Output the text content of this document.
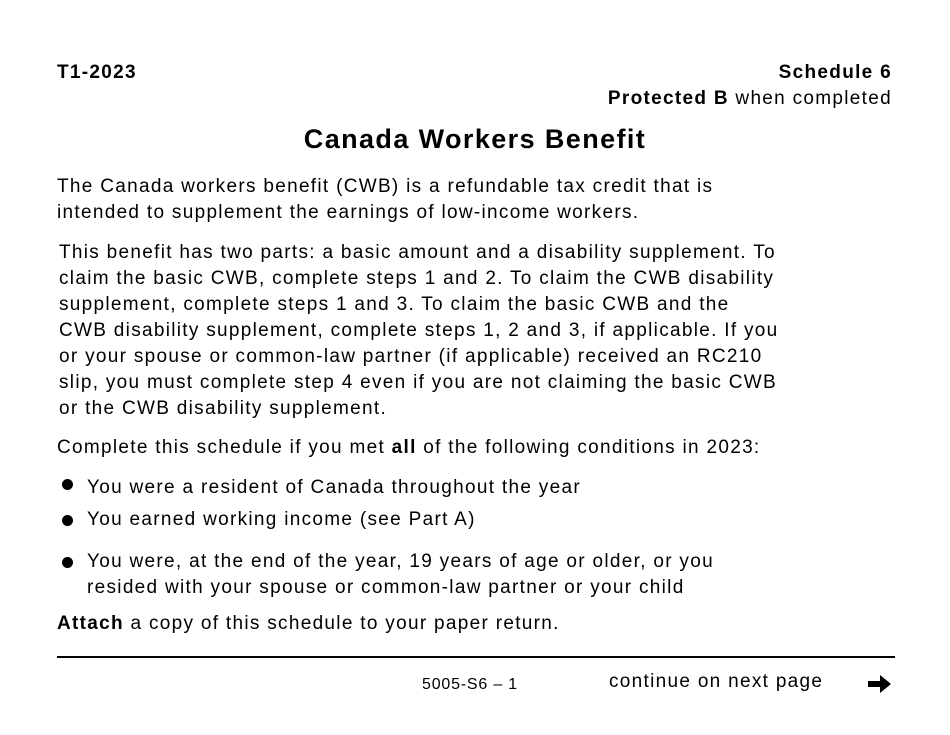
T1-2023	Schedule 6
Protected B when completed
Canada Workers Benefit
The Canada workers benefit (CWB) is a refundable tax credit that is
intended to supplement the earnings of low-income workers.
This benefit has two parts: a basic amount and a disability supplement. To
claim the basic CWB, complete steps 1 and 2. To claim the CWB disability
supplement, complete steps 1 and 3. To claim the basic CWB and the
CWB disability supplement, complete steps 1, 2 and 3, if applicable. If you
or your spouse or common-law partner (if applicable) received an RC210
slip, you must complete step 4 even if you are not claiming the basic CWB
or the CWB disability supplement.
Complete this schedule if you met all of the following conditions in 2023:
You were a resident of Canada throughout the year
You earned working income (see Part A)
You were, at the end of the year, 19 years of age or older, or you
resided with your spouse or common-law partner or your child
Attach a copy of this schedule to your paper return.
5005-S6 – 1	continue on next page
